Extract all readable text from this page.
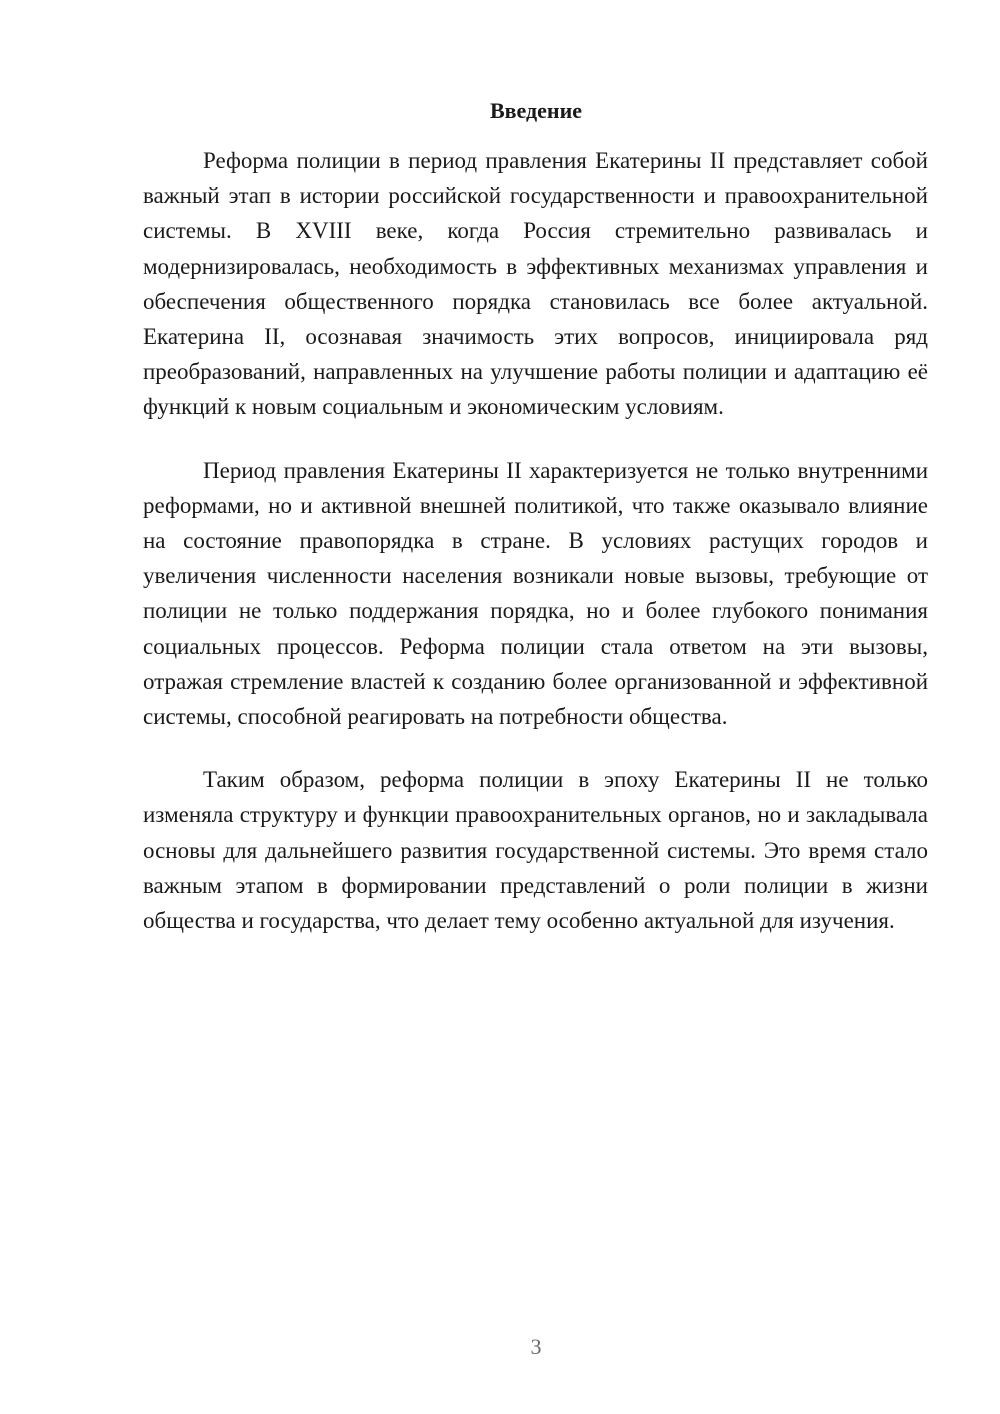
Введение

Реформа полиции в период правления Екатерины II представляет собой важный этап в истории российской государственности и правоохранительной системы. В XVIII веке, когда Россия стремительно развивалась и модернизировалась, необходимость в эффективных механизмах управления и обеспечения общественного порядка становилась все более актуальной. Екатерина II, осознавая значимость этих вопросов, инициировала ряд преобразований, направленных на улучшение работы полиции и адаптацию её функций к новым социальным и экономическим условиям.

Период правления Екатерины II характеризуется не только внутренними реформами, но и активной внешней политикой, что также оказывало влияние на состояние правопорядка в стране. В условиях растущих городов и увеличения численности населения возникали новые вызовы, требующие от полиции не только поддержания порядка, но и более глубокого понимания социальных процессов. Реформа полиции стала ответом на эти вызовы, отражая стремление властей к созданию более организованной и эффективной системы, способной реагировать на потребности общества.

Таким образом, реформа полиции в эпоху Екатерины II не только изменяла структуру и функции правоохранительных органов, но и закладывала основы для дальнейшего развития государственной системы. Это время стало важным этапом в формировании представлений о роли полиции в жизни общества и государства, что делает тему особенно актуальной для изучения.

3
